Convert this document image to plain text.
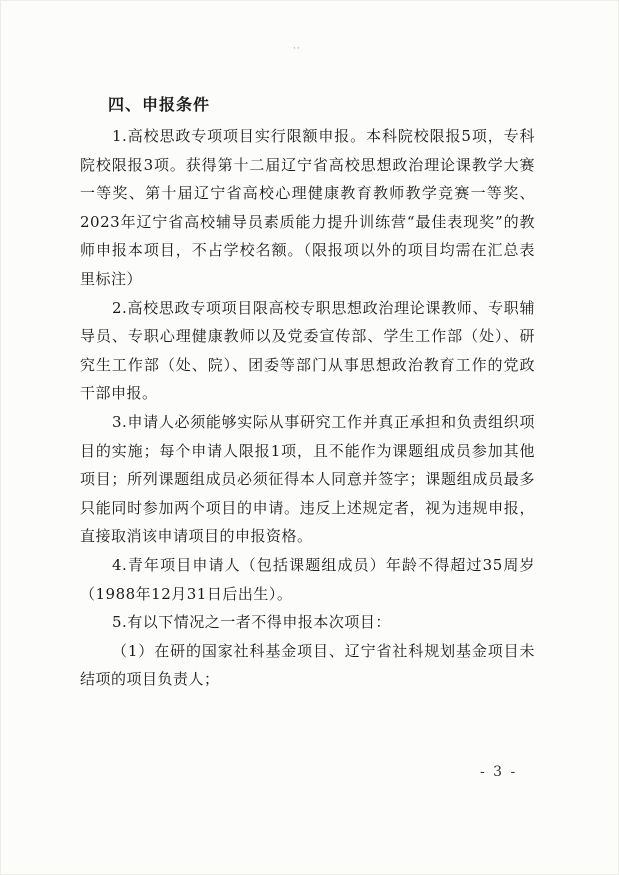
··
四、申报条件

1.高校思政专项项目实行限额申报。本科院校限报5项，专科院校限报3项。获得第十二届辽宁省高校思想政治理论课教学大赛一等奖、第十届辽宁省高校心理健康教育教师教学竞赛一等奖、2023年辽宁省高校辅导员素质能力提升训练营“最佳表现奖”的教师申报本项目，不占学校名额。（限报项以外的项目均需在汇总表里标注）

2.高校思政专项项目限高校专职思想政治理论课教师、专职辅导员、专职心理健康教师以及党委宣传部、学生工作部（处）、研究生工作部（处、院）、团委等部门从事思想政治教育工作的党政干部申报。

3.申请人必须能够实际从事研究工作并真正承担和负责组织项目的实施；每个申请人限报1项，且不能作为课题组成员参加其他项目；所列课题组成员必须征得本人同意并签字；课题组成员最多只能同时参加两个项目的申请。违反上述规定者，视为违规申报，直接取消该申请项目的申报资格。

4.青年项目申请人（包括课题组成员）年龄不得超过35周岁（1988年12月31日后出生）。

5.有以下情况之一者不得申报本次项目：

（1）在研的国家社科基金项目、辽宁省社科规划基金项目未结项的项目负责人；

- 3 -
